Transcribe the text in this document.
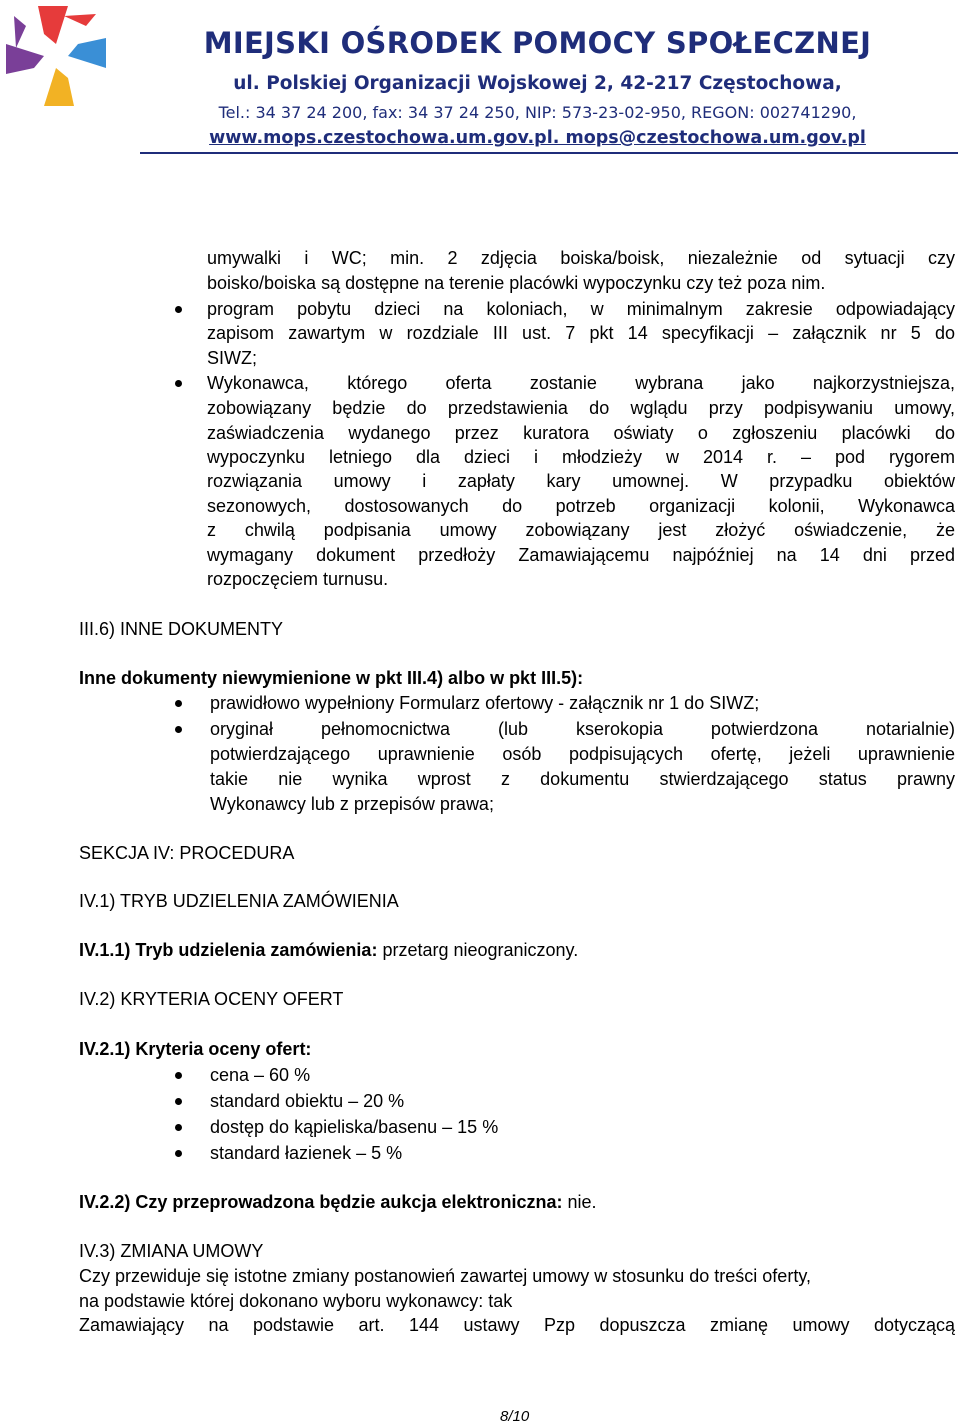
MIEJSKI OŚRODEK POMOCY SPOŁECZNEJ
ul. Polskiej Organizacji Wojskowej 2, 42-217 Częstochowa,
Tel.: 34 37 24 200, fax: 34 37 24 250, NIP: 573-23-02-950, REGON: 002741290,
www.mops.czestochowa.um.gov.pl. mops@czestochowa.um.gov.pl
umywalki i WC; min. 2 zdjęcia boiska/boisk, niezależnie od sytuacji czy
boisko/boiska są dostępne na terenie placówki wypoczynku czy też poza nim.
program pobytu dzieci na koloniach, w minimalnym zakresie odpowiadający
zapisom zawartym w rozdziale III ust. 7 pkt 14 specyfikacji – załącznik nr 5 do
SIWZ;
Wykonawca, którego oferta zostanie wybrana jako najkorzystniejsza,
zobowiązany będzie do przedstawienia do wglądu przy podpisywaniu umowy,
zaświadczenia wydanego przez kuratora oświaty o zgłoszeniu placówki do
wypoczynku letniego dla dzieci i młodzieży w 2014 r. – pod rygorem
rozwiązania umowy i zapłaty kary umownej. W przypadku obiektów
sezonowych, dostosowanych do potrzeb organizacji kolonii, Wykonawca
z chwilą podpisania umowy zobowiązany jest złożyć oświadczenie, że
wymagany dokument przedłoży Zamawiającemu najpóźniej na 14 dni przed
rozpoczęciem turnusu.
III.6) INNE DOKUMENTY
Inne dokumenty niewymienione w pkt III.4) albo w pkt III.5):
prawidłowo wypełniony Formularz ofertowy - załącznik nr 1 do SIWZ;
oryginał pełnomocnictwa (lub kserokopia potwierdzona notarialnie)
potwierdzającego uprawnienie osób podpisujących ofertę, jeżeli uprawnienie
takie nie wynika wprost z dokumentu stwierdzającego status prawny
Wykonawcy lub z przepisów prawa;
SEKCJA IV: PROCEDURA
IV.1) TRYB UDZIELENIA ZAMÓWIENIA
IV.1.1) Tryb udzielenia zamówienia: przetarg nieograniczony.
IV.2) KRYTERIA OCENY OFERT
IV.2.1) Kryteria oceny ofert:
cena – 60 %
standard obiektu – 20 %
dostęp do kąpieliska/basenu – 15 %
standard łazienek – 5 %
IV.2.2) Czy przeprowadzona będzie aukcja elektroniczna: nie.
IV.3) ZMIANA UMOWY
Czy przewiduje się istotne zmiany postanowień zawartej umowy w stosunku do treści oferty,
na podstawie której dokonano wyboru wykonawcy: tak
Zamawiający na podstawie art. 144 ustawy Pzp dopuszcza zmianę umowy dotyczącą
8/10
